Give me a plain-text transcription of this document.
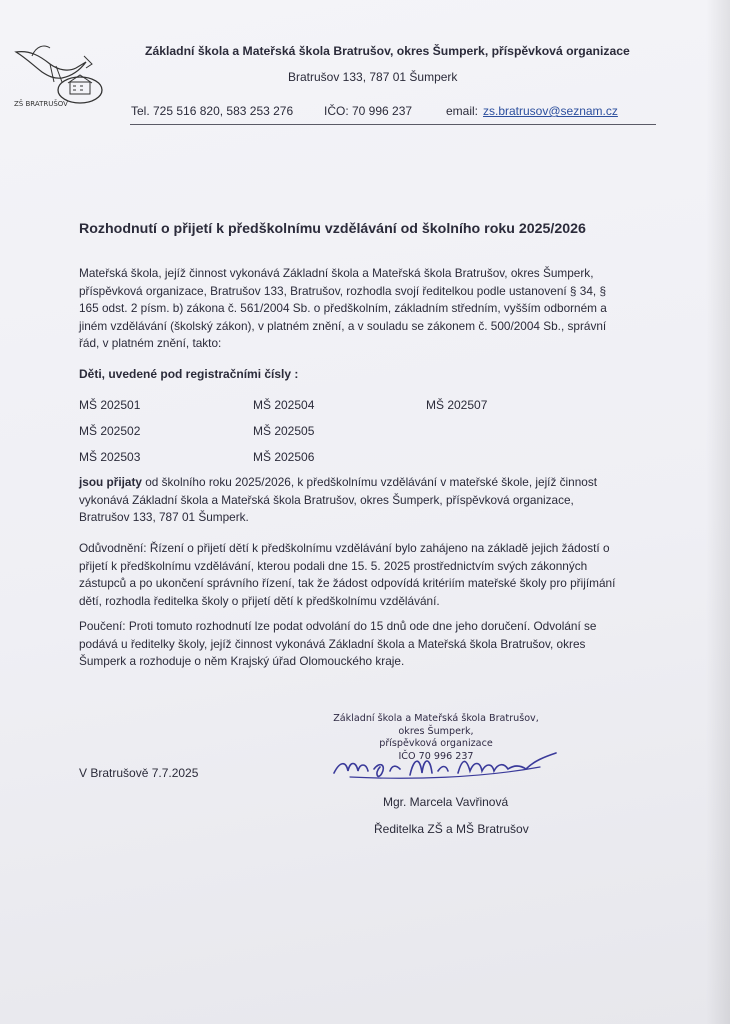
ZŠ BRATRUŠOV
Základní škola a Mateřská škola Bratrušov, okres Šumperk, příspěvková organizace
Bratrušov 133, 787 01 Šumperk
Tel. 725 516 820, 583 253 276	IČO: 70 996 237	email: zs.bratrusov@seznam.cz
Rozhodnutí o přijetí k předškolnímu vzdělávání od školního roku 2025/2026
Mateřská škola, jejíž činnost vykonává Základní škola a Mateřská škola Bratrušov, okres Šumperk, příspěvková organizace, Bratrušov 133, Bratrušov, rozhodla svojí ředitelkou podle ustanovení § 34, § 165 odst. 2 písm. b) zákona č. 561/2004 Sb. o předškolním, základním středním, vyšším odborném a jiném vzdělávání (školský zákon), v platném znění, a v souladu se zákonem č. 500/2004 Sb., správní řád, v platném znění, takto:
Děti, uvedené pod registračními čísly :
MŠ 202501
MŠ 202502
MŠ 202503
MŠ 202504
MŠ 202505
MŠ 202506
MŠ 202507
jsou přijaty od školního roku 2025/2026, k předškolnímu vzdělávání v mateřské škole, jejíž činnost vykonává Základní škola a Mateřská škola Bratrušov, okres Šumperk, příspěvková organizace, Bratrušov 133, 787 01 Šumperk.
Odůvodnění: Řízení o přijetí dětí k předškolnímu vzdělávání bylo zahájeno na základě jejich žádostí o přijetí k předškolnímu vzdělávání, kterou podali dne 15. 5. 2025 prostřednictvím svých zákonných zástupců a po ukončení správního řízení, tak že žádost odpovídá kritériím mateřské školy pro přijímání dětí, rozhodla ředitelka školy o přijetí dětí k předškolnímu vzdělávání.
Poučení: Proti tomuto rozhodnutí lze podat odvolání do 15 dnů ode dne jeho doručení. Odvolání se podává u ředitelky školy, jejíž činnost vykonává Základní škola a Mateřská škola Bratrušov, okres Šumperk a rozhoduje o něm Krajský úřad Olomouckého kraje.
Základní škola a Mateřská škola Bratrušov,
okres Šumperk,
příspěvková organizace
IČO 70 996 237
V Bratrušově 7.7.2025
Mgr. Marcela Vavřinová
Ředitelka ZŠ a MŠ Bratrušov
